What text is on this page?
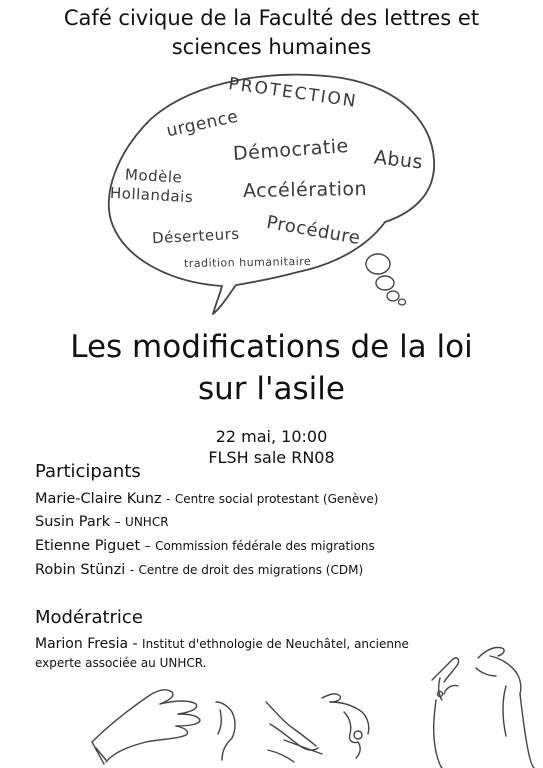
Café civique de la Faculté des lettres et
sciences humaines
PROTECTION
urgence
Démocratie Abus
Modèle
Hollandais	Accélération
Déserteurs Procédure
tradition humanitaire
Les modifications de la loi
sur l'asile
22 mai, 10:00
FLSH sale RN08
Participants
Marie-Claire Kunz - Centre social protestant (Genève)
Susin Park – UNHCR
Etienne Piguet – Commission fédérale des migrations
Robin Stünzi - Centre de droit des migrations (CDM)
Modératrice
Marion Fresia - Institut d'ethnologie de Neuchâtel, ancienne
experte associée au UNHCR.
